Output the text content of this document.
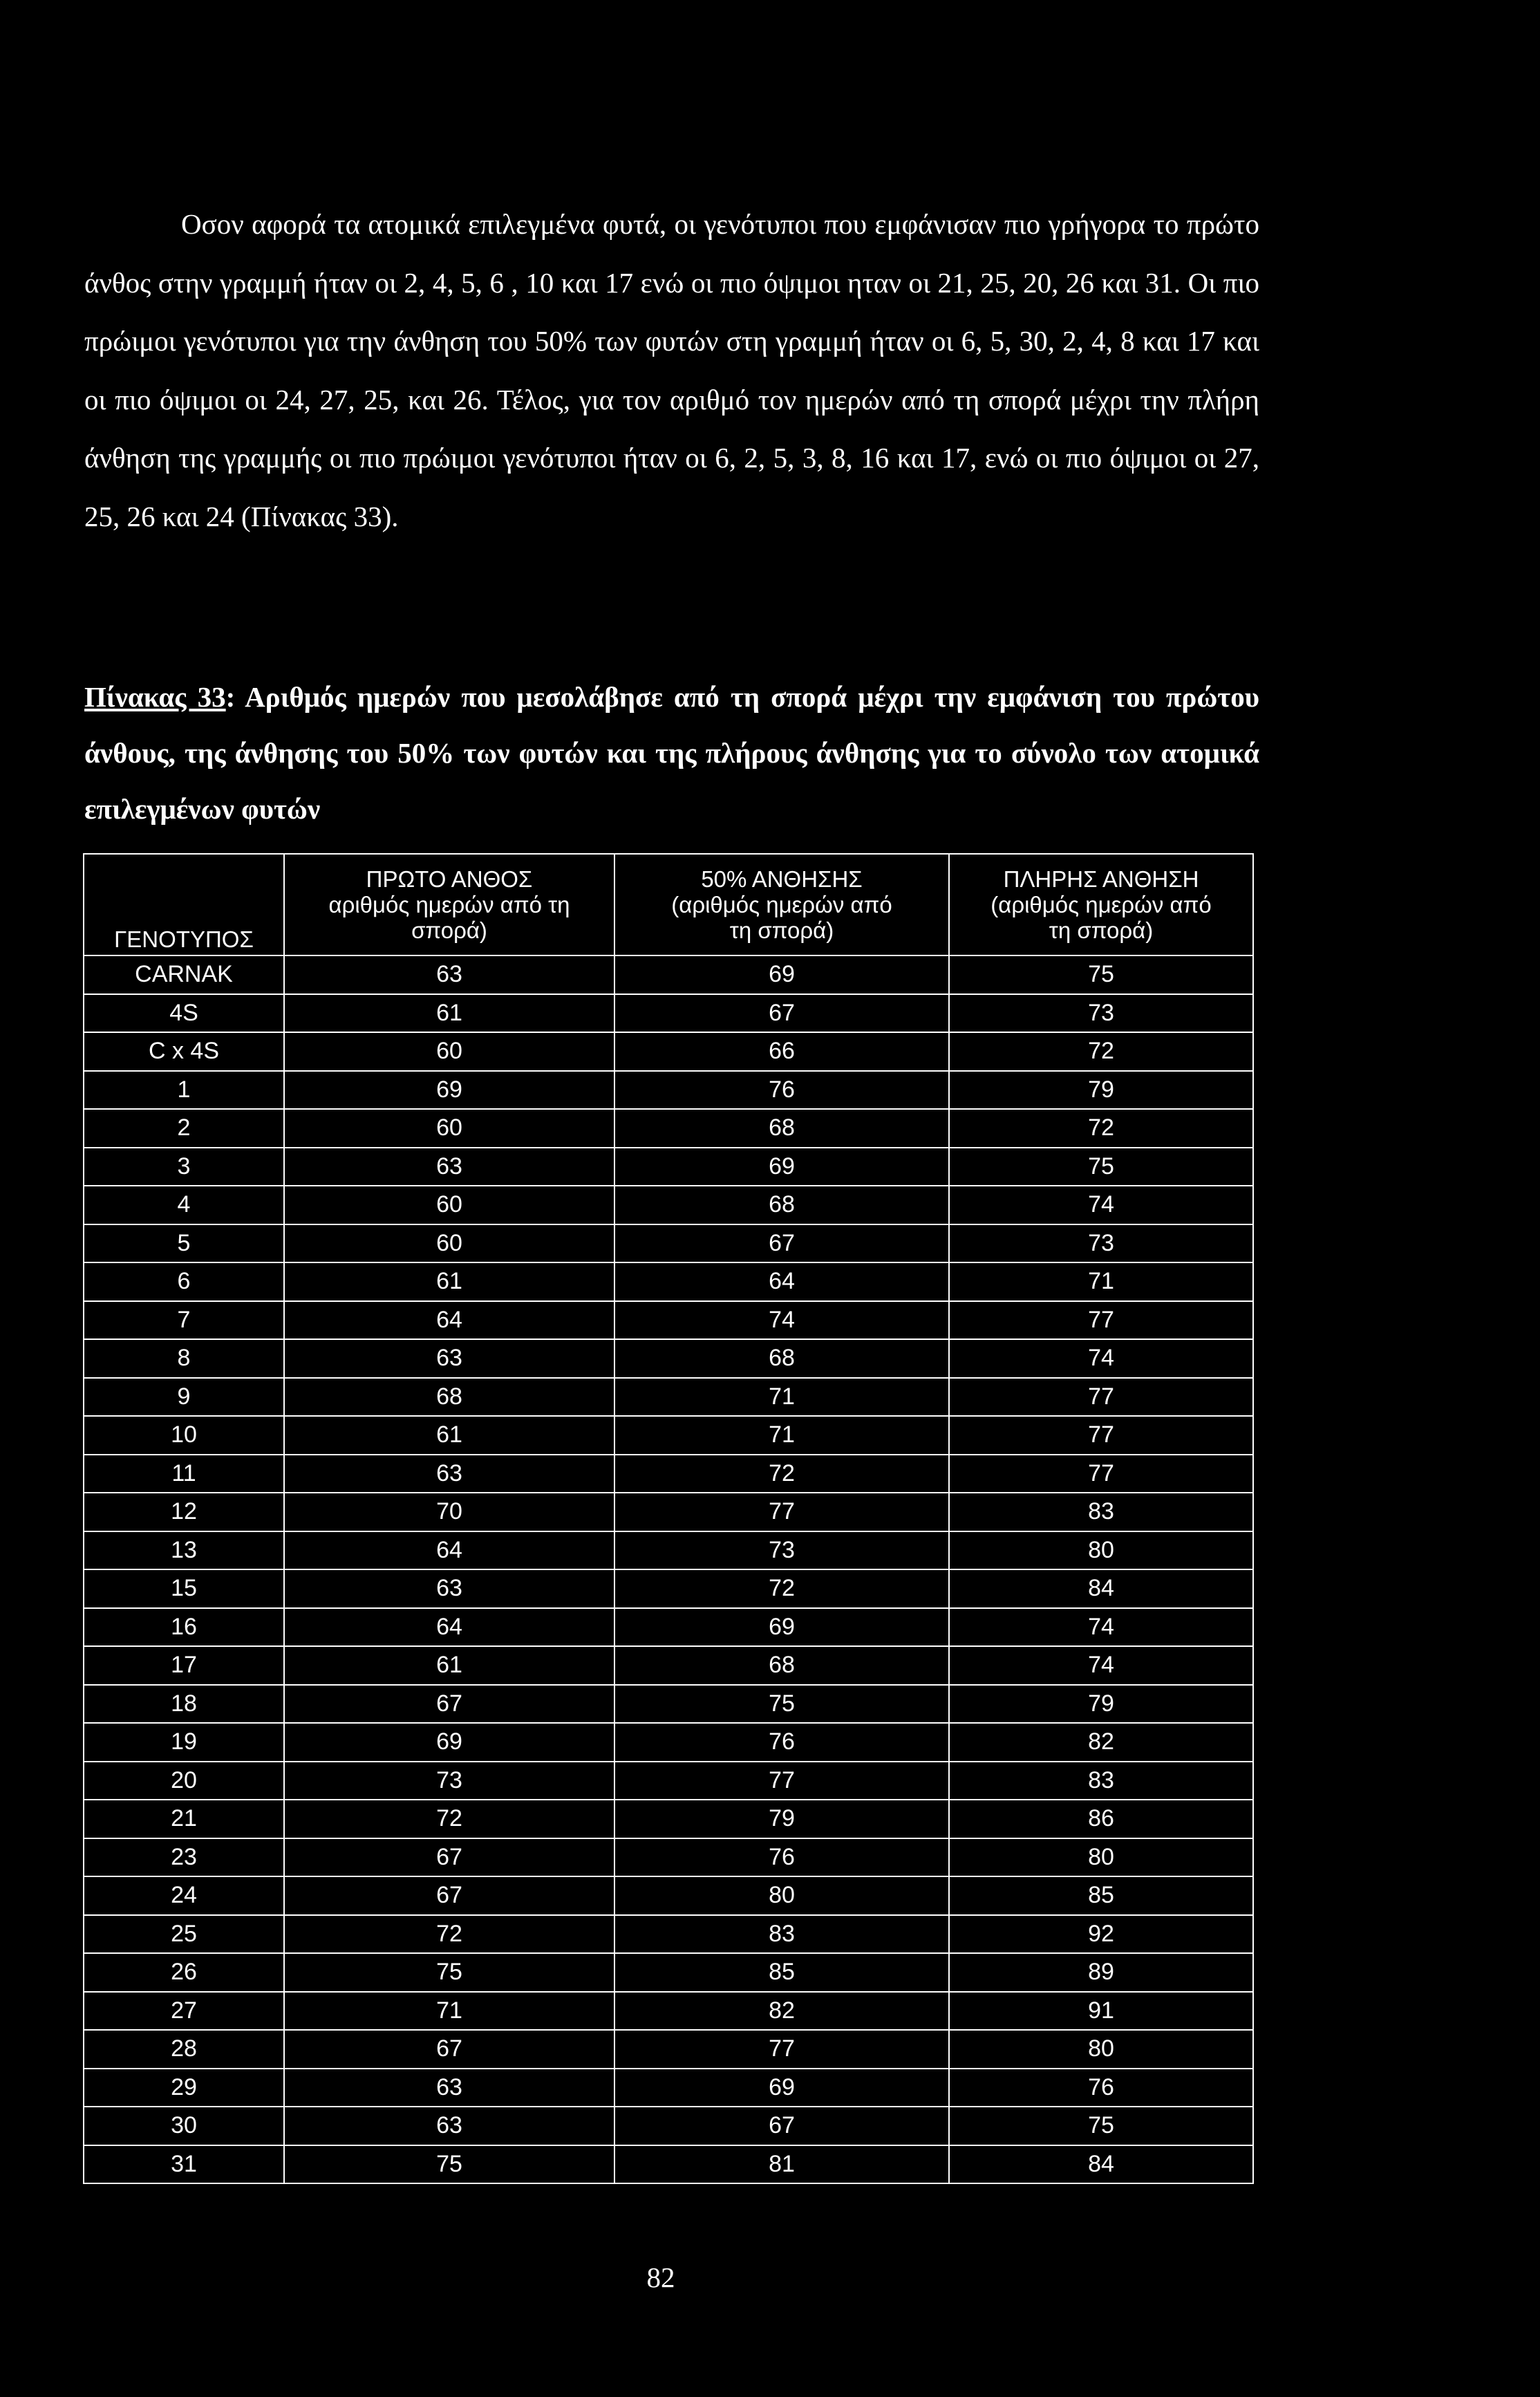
Οσον αφορά τα ατομικά επιλεγμένα φυτά, οι γενότυποι που εμφάνισαν πιο γρήγορα το πρώτο άνθος στην γραμμή ήταν οι 2, 4, 5, 6 , 10 και 17 ενώ οι πιο όψιμοι ηταν οι 21, 25, 20, 26 και 31. Οι πιο πρώιμοι γενότυποι για την άνθηση του 50% των φυτών στη γραμμή ήταν οι 6, 5, 30, 2, 4, 8 και 17 και οι πιο όψιμοι οι 24, 27, 25, και 26. Τέλος, για τον αριθμό τον ημερών από τη σπορά μέχρι την πλήρη άνθηση της γραμμής οι πιο πρώιμοι γενότυποι ήταν οι 6, 2, 5, 3, 8, 16 και 17, ενώ οι πιο όψιμοι οι 27, 25, 26 και 24 (Πίνακας 33).

Πίνακας 33: Αριθμός ημερών που μεσολάβησε από τη σπορά μέχρι την εμφάνιση του πρώτου άνθους, της άνθησης του 50% των φυτών και της πλήρους άνθησης για το σύνολο των ατομικά επιλεγμένων φυτών
ΓΕΝΟΤΥΠΟΣ	ΠΡΩΤΟ ΑΝΘΟΣ
αριθμός ημερών από τη
σπορά)	50% ΑΝΘΗΣΗΣ
(αριθμός ημερών από
τη σπορά)	ΠΛΗΡΗΣ ΑΝΘΗΣΗ
(αριθμός ημερών από
τη σπορά)

CARNAK	63	69	75
4S	61	67	73
C x 4S	60	66	72
1	69	76	79
2	60	68	72
3	63	69	75
4	60	68	74
5	60	67	73
6	61	64	71
7	64	74	77
8	63	68	74
9	68	71	77
10	61	71	77
11	63	72	77
12	70	77	83
13	64	73	80
15	63	72	84
16	64	69	74
17	61	68	74
18	67	75	79
19	69	76	82
20	73	77	83
21	72	79	86
23	67	76	80
24	67	80	85
25	72	83	92
26	75	85	89
27	71	82	91
28	67	77	80
29	63	69	76
30	63	67	75
31	75	81	84
82
